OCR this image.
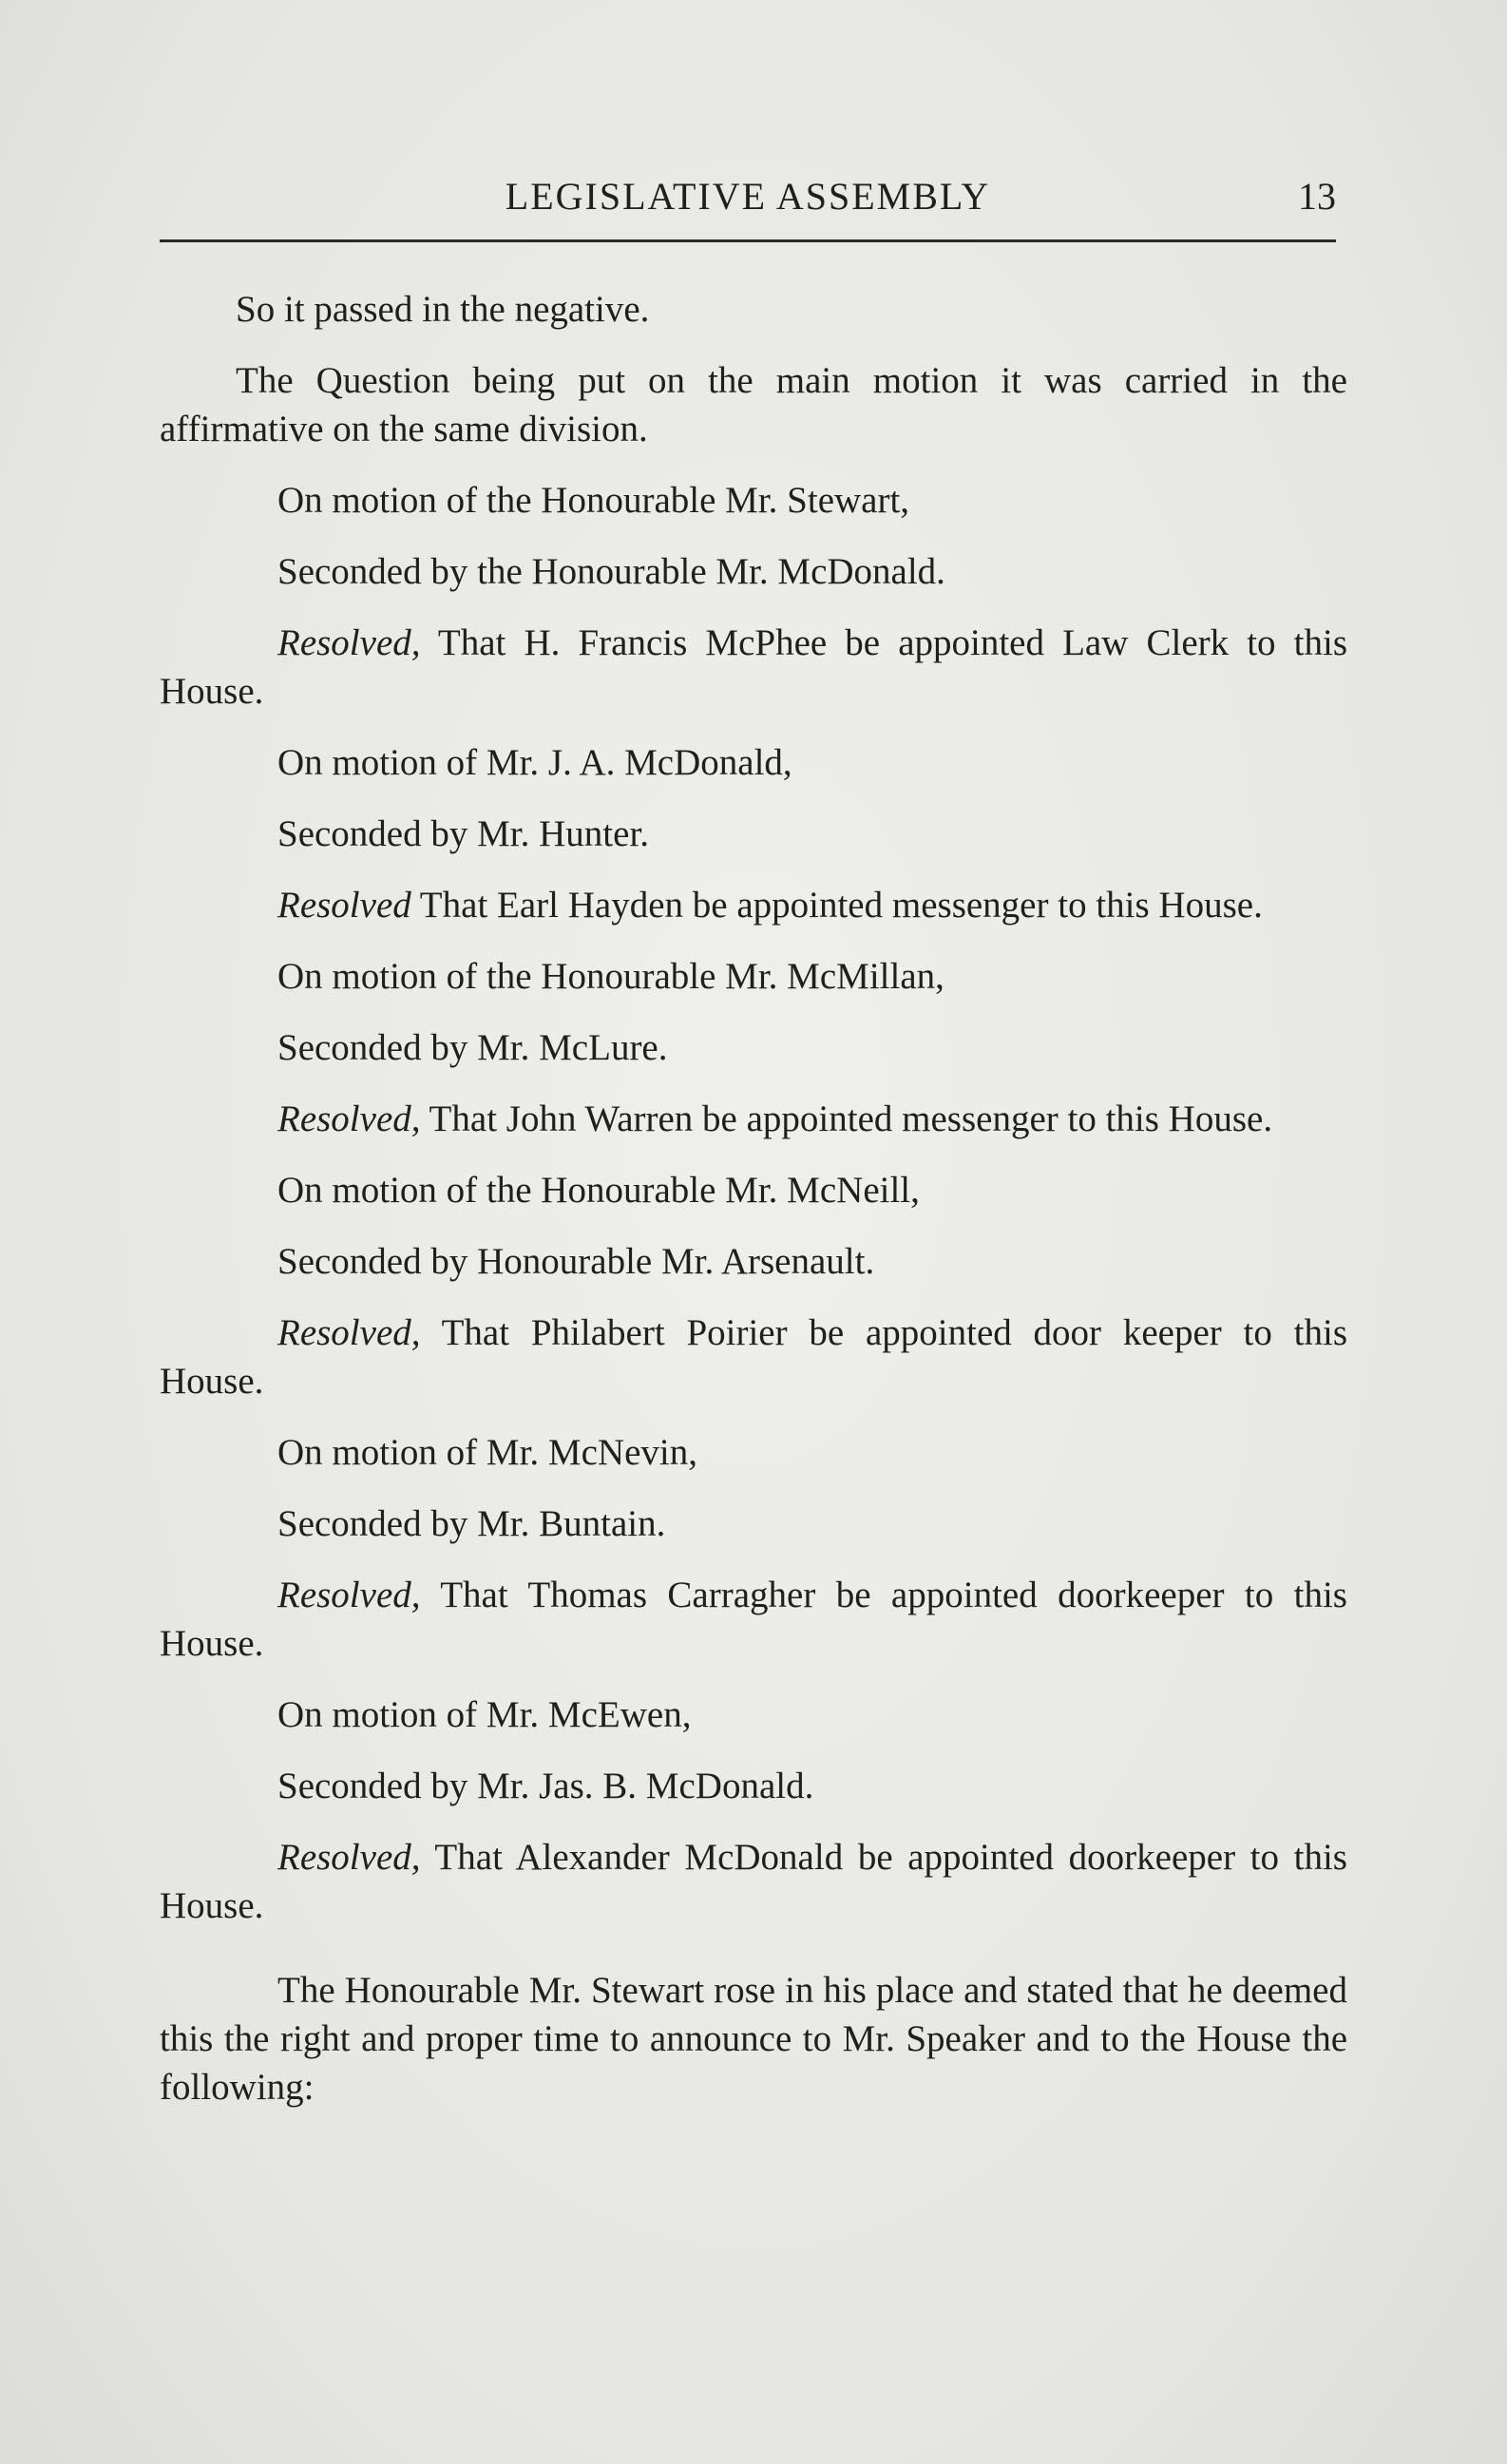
LEGISLATIVE ASSEMBLY	13

So it passed in the negative.

The Question being put on the main motion it was carried in the affirmative on the same division.

On motion of the Honourable Mr. Stewart,

Seconded by the Honourable Mr. McDonald.

Resolved, That H. Francis McPhee be appointed Law Clerk to this House.

On motion of Mr. J. A. McDonald,

Seconded by Mr. Hunter.

Resolved That Earl Hayden be appointed messenger to this House.

On motion of the Honourable Mr. McMillan,

Seconded by Mr. McLure.

Resolved, That John Warren be appointed messenger to this House.

On motion of the Honourable Mr. McNeill,

Seconded by Honourable Mr. Arsenault.

Resolved, That Philabert Poirier be appointed door keeper to this House.

On motion of Mr. McNevin,

Seconded by Mr. Buntain.

Resolved, That Thomas Carragher be appointed doorkeeper to this House.

On motion of Mr. McEwen,

Seconded by Mr. Jas. B. McDonald.

Resolved, That Alexander McDonald be appointed doorkeeper to this House.

The Honourable Mr. Stewart rose in his place and stated that he deemed this the right and proper time to announce to Mr. Speaker and to the House the following:
